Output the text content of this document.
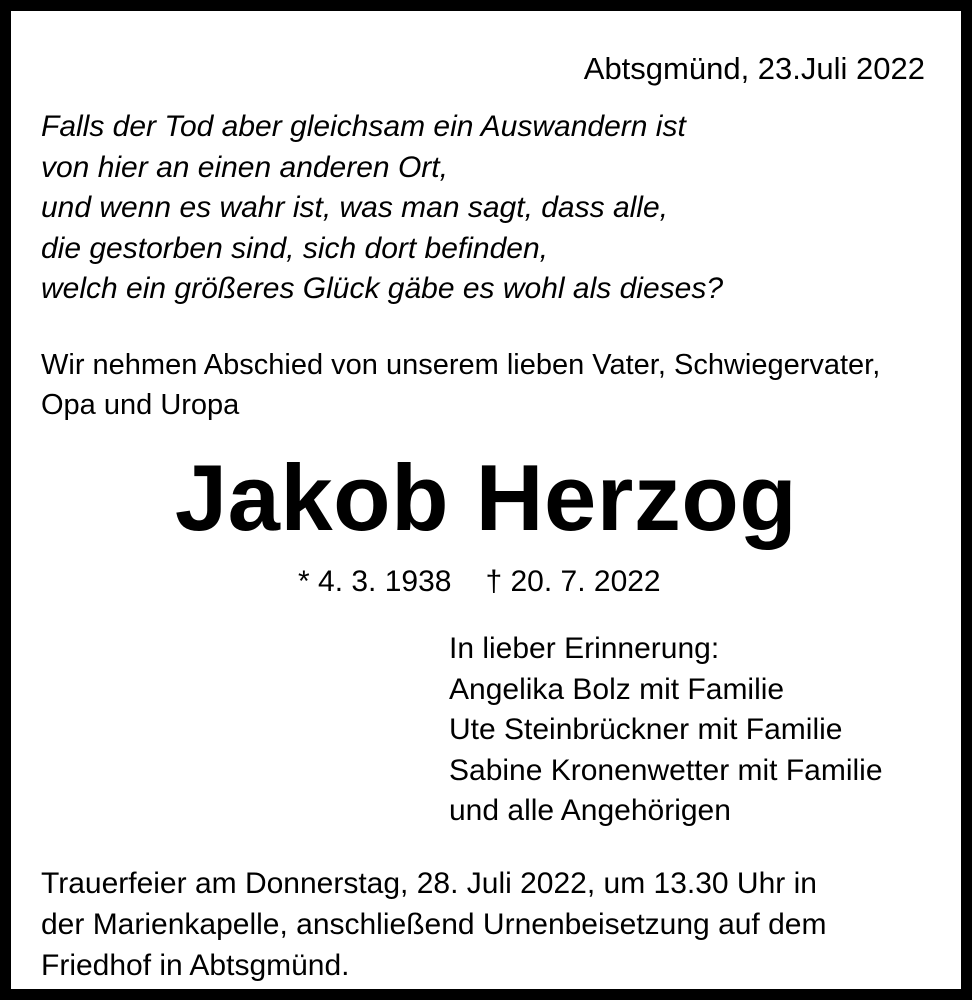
Abtsgmünd, 23.Juli 2022
Falls der Tod aber gleichsam ein Auswandern ist
von hier an einen anderen Ort,
und wenn es wahr ist, was man sagt, dass alle,
die gestorben sind, sich dort befinden,
welch ein größeres Glück gäbe es wohl als dieses?
Wir nehmen Abschied von unserem lieben Vater, Schwiegervater,
Opa und Uropa
Jakob Herzog
* 4. 3. 1938 † 20. 7. 2022
In lieber Erinnerung:
Angelika Bolz mit Familie
Ute Steinbrückner mit Familie
Sabine Kronenwetter mit Familie
und alle Angehörigen
Trauerfeier am Donnerstag, 28. Juli 2022, um 13.30 Uhr in
der Marienkapelle, anschließend Urnenbeisetzung auf dem
Friedhof in Abtsgmünd.
